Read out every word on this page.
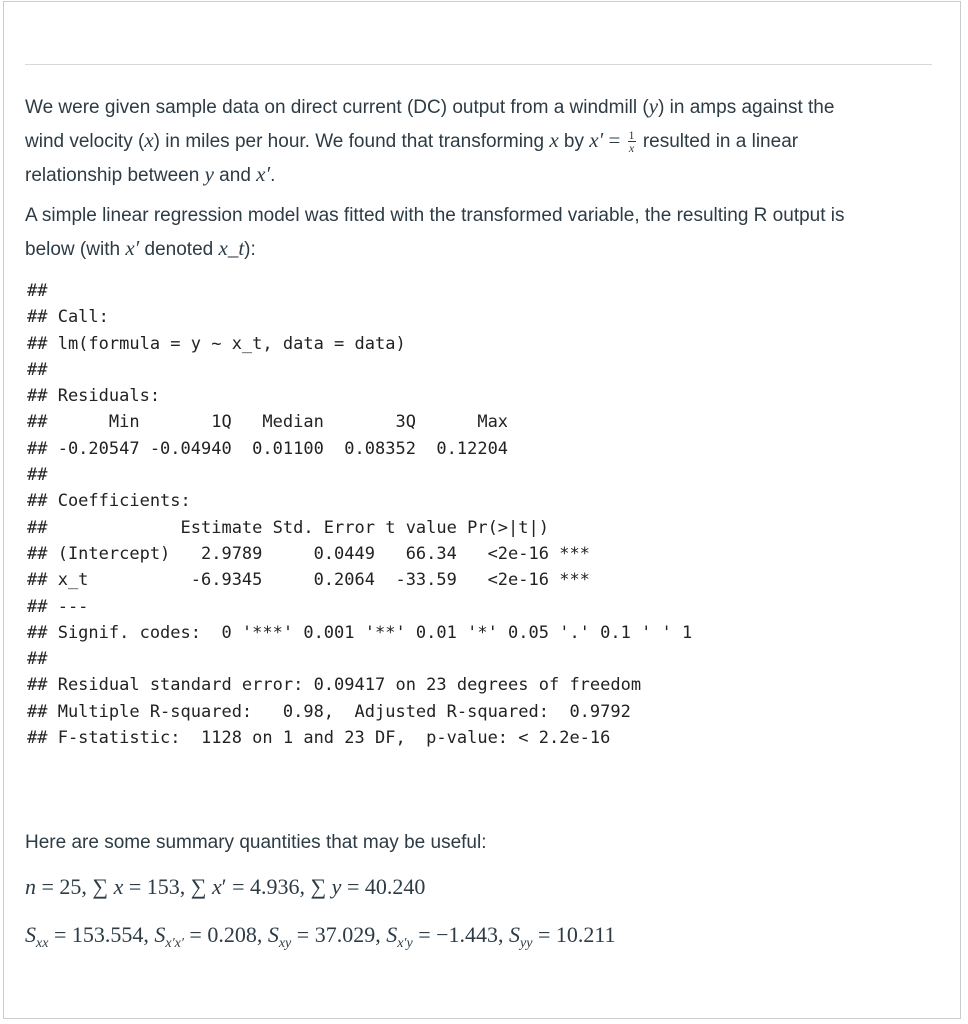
We were given sample data on direct current (DC) output from a windmill (y) in amps against the
wind velocity (x) in miles per hour. We found that transforming x by $x' = \frac{1}{x}$ resulted in a linear
relationship between y and x′.
A simple linear regression model was fitted with the transformed variable, the resulting R output is
below (with x′ denoted x_t):
##
## Call:
## lm(formula = y ~ x_t, data = data)
##
## Residuals:
##      Min       1Q   Median       3Q      Max
## -0.20547 -0.04940  0.01100  0.08352  0.12204
##
## Coefficients:
##             Estimate Std. Error t value Pr(>|t|)
## (Intercept)   2.9789     0.0449   66.34   <2e-16 ***
## x_t          -6.9345     0.2064  -33.59   <2e-16 ***
## ---
## Signif. codes:  0 '***' 0.001 '**' 0.01 '*' 0.05 '.' 0.1 ' ' 1
##
## Residual standard error: 0.09417 on 23 degrees of freedom
## Multiple R-squared:   0.98,  Adjusted R-squared:  0.9792
## F-statistic:  1128 on 1 and 23 DF,  p-value: < 2.2e-16
Here are some summary quantities that may be useful:
n = 25, ∑ x = 153, ∑ x′ = 4.936, ∑ y = 40.240
$S_{xx} = 153.554$, $S_{x'x'} = 0.208$, $S_{xy} = 37.029$, $S_{x'y} = -1.443$, $S_{yy} = 10.211$
